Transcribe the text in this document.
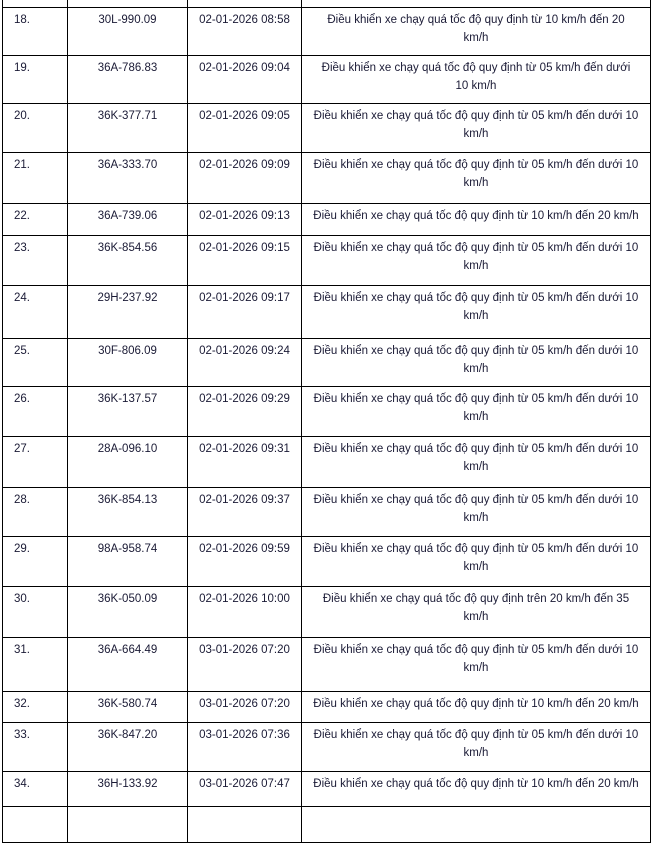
18.	30L-990.09	02-01-2026 08:58	Điều khiển xe chạy quá tốc độ quy định từ 10 km/h đến 20
km/h

19.	36A-786.83	02-01-2026 09:04	Điều khiển xe chạy quá tốc độ quy định từ 05 km/h đến dưới
10 km/h

20.	36K-377.71	02-01-2026 09:05	Điều khiển xe chạy quá tốc độ quy định từ 05 km/h đến dưới 10
km/h

21.	36A-333.70	02-01-2026 09:09	Điều khiển xe chạy quá tốc độ quy định từ 05 km/h đến dưới 10
km/h

22.	36A-739.06	02-01-2026 09:13	Điều khiển xe chạy quá tốc độ quy định từ 10 km/h đến 20 km/h

23.	36K-854.56	02-01-2026 09:15	Điều khiển xe chạy quá tốc độ quy định từ 05 km/h đến dưới 10
km/h

24.	29H-237.92	02-01-2026 09:17	Điều khiển xe chạy quá tốc độ quy định từ 05 km/h đến dưới 10
km/h

25.	30F-806.09	02-01-2026 09:24	Điều khiển xe chạy quá tốc độ quy định từ 05 km/h đến dưới 10
km/h

26.	36K-137.57	02-01-2026 09:29	Điều khiển xe chạy quá tốc độ quy định từ 05 km/h đến dưới 10
km/h

27.	28A-096.10	02-01-2026 09:31	Điều khiển xe chạy quá tốc độ quy định từ 05 km/h đến dưới 10
km/h

28.	36K-854.13	02-01-2026 09:37	Điều khiển xe chạy quá tốc độ quy định từ 05 km/h đến dưới 10
km/h

29.	98A-958.74	02-01-2026 09:59	Điều khiển xe chạy quá tốc độ quy định từ 05 km/h đến dưới 10
km/h

30.	36K-050.09	02-01-2026 10:00	Điều khiển xe chạy quá tốc độ quy định trên 20 km/h đến 35
km/h

31.	36A-664.49	03-01-2026 07:20	Điều khiển xe chạy quá tốc độ quy định từ 05 km/h đến dưới 10
km/h

32.	36K-580.74	03-01-2026 07:20	Điều khiển xe chạy quá tốc độ quy định từ 10 km/h đến 20 km/h

33.	36K-847.20	03-01-2026 07:36	Điều khiển xe chạy quá tốc độ quy định từ 05 km/h đến dưới 10
km/h

34.	36H-133.92	03-01-2026 07:47	Điều khiển xe chạy quá tốc độ quy định từ 10 km/h đến 20 km/h
